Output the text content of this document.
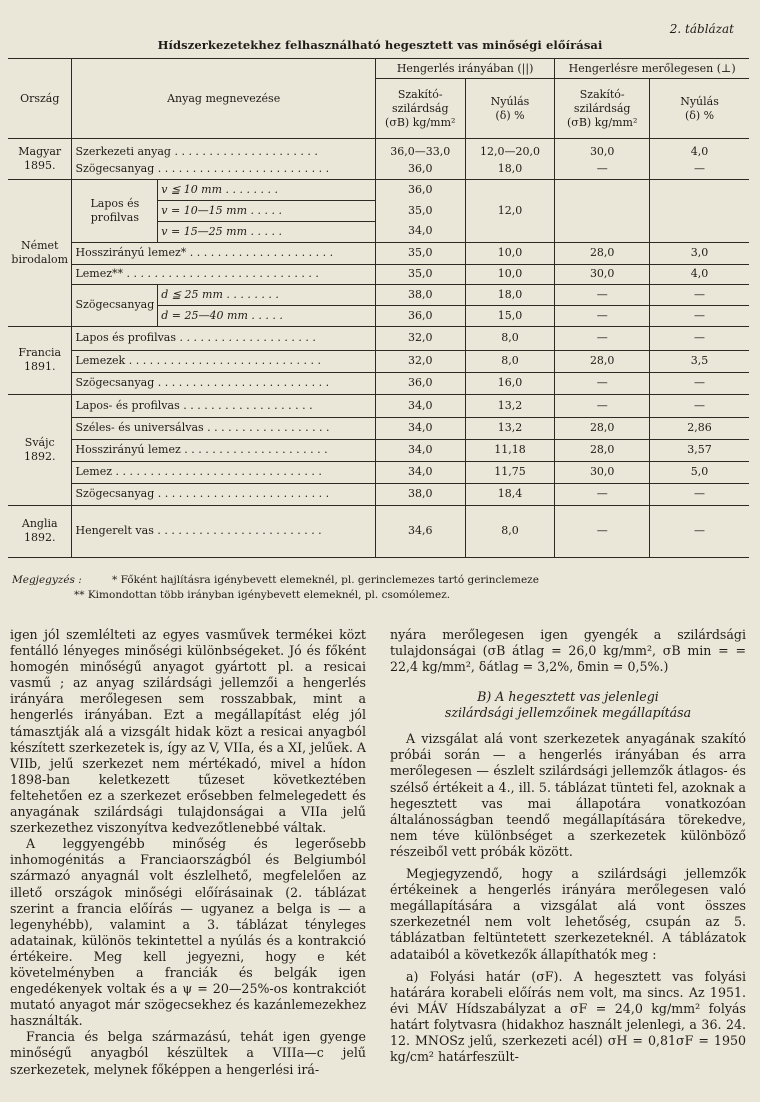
2. táblázat
Hídszerkezetekhez felhasználható hegesztett vas minőségi előírásai
Ország	Anyag megnevezése		Hengerlés irányában (||)		Hengerlésre merőlegesen (⊥)	
			Szakító-
szilárdság
(σB) kg/mm²	Nyúlás
(δ) %	Szakító-
szilárdság
(σB) kg/mm²	Nyúlás
(δ) %
Magyar 1895.	Szerkezeti anyag . . . . . . . . . . . . . . . . . . . . .		36,0—33,0	12,0—20,0	30,0	4,0
	Szögecsanyag . . . . . . . . . . . . . . . . . . . . . . . . .		36,0	18,0	—	—
Német birodalom	Lapos és profilvas	v ≦ 10 mm . . . . . . . .	36,0	12,0		
		v = 10—15 mm . . . . .	35,0			
		v = 15—25 mm . . . . .	34,0			
	Hosszirányú lemez* . . . . . . . . . . . . . . . . . . . . .		35,0	10,0	28,0	3,0
	Lemez** . . . . . . . . . . . . . . . . . . . . . . . . . . . .		35,0	10,0	30,0	4,0
	Szögecsanyag	d ≦ 25 mm . . . . . . . .	38,0	18,0	—	—
		d = 25—40 mm . . . . .	36,0	15,0	—	—
Francia 1891.	Lapos és profilvas . . . . . . . . . . . . . . . . . . . .		32,0	8,0	—	—
	Lemezek . . . . . . . . . . . . . . . . . . . . . . . . . . . .		32,0	8,0	28,0	3,5
	Szögecsanyag . . . . . . . . . . . . . . . . . . . . . . . . .		36,0	16,0	—	—
Svájc 1892.	Lapos- és profilvas . . . . . . . . . . . . . . . . . . .		34,0	13,2	—	—
	Széles- és universálvas . . . . . . . . . . . . . . . . . .		34,0	13,2	28,0	2,86
	Hosszirányú lemez . . . . . . . . . . . . . . . . . . . . .		34,0	11,18	28,0	3,57
	Lemez . . . . . . . . . . . . . . . . . . . . . . . . . . . . . .		34,0	11,75	30,0	5,0
	Szögecsanyag . . . . . . . . . . . . . . . . . . . . . . . . .		38,0	18,4	—	—
Anglia 1892.	Hengerelt vas . . . . . . . . . . . . . . . . . . . . . . . .		34,6	8,0	—	—
Megjegyzés :	* Főként hajlításra igénybevett elemeknél, pl. gerinclemezes tartó gerinclemeze
** Kimondottan több irányban igénybevett elemeknél, pl. csomólemez.

igen jól szemlélteti az egyes vasművek termékei közt fentálló lényeges minőségi különbségeket. Jó és főként homogén minőségű anyagot gyártott pl. a resicai vasmű ; az anyag szilárdsági jellemzői a hengerlés irányára merőlegesen sem rosszabbak, mint a hengerlés irányában. Ezt a megállapítást elég jól támasztják alá a vizsgált hidak közt a resicai anyagból készített szerkezetek is, így az V, VIIa, és a XI, jelűek. A VIIb, jelű szerkezet nem mértékadó, mivel a hídon 1898-ban keletkezett tűzeset következtében feltehetően ez a szerkezet erősebben felmelegedett és anyagának szilárdsági tulajdonságai a VIIa jelű szerkezethez viszonyítva kedvezőtlenebbé váltak.

A leggyengébb minőség és legerősebb inhomogénitás a Franciaországból és Belgiumból származó anyagnál volt észlelhető, megfelelően az illető országok minőségi előírásainak (2. táblázat szerint a francia előírás — ugyanez a belga is — a legenyhébb), valamint a 3. táblázat tényleges adatainak, különös tekintettel a nyúlás és a kontrakció értékeire. Meg kell jegyezni, hogy e két követelményben a franciák és belgák igen engedékenyek voltak és a ψ = 20—25%-os kontrakciót mutató anyagot már szögecsekhez és kazánlemezekhez használták.

Francia és belga származású, tehát igen gyenge minőségű anyagból készültek a VIIIa—c jelű szerkezetek, melynek főképpen a hengerlési irá-

nyára merőlegesen igen gyengék a szilárdsági tulajdonságai (σB átlag = 26,0 kg/mm², σB min = = 22,4 kg/mm², δátlag = 3,2%, δmin = 0,5%.)

B) A hegesztett vas jelenlegi
szilárdsági jellemzőinek megállapítása

A vizsgálat alá vont szerkezetek anyagának szakító próbái során — a hengerlés irányában és arra merőlegesen — észlelt szilárdsági jellemzők átlagos- és szélső értékeit a 4., ill. 5. táblázat tünteti fel, azoknak a hegesztett vas mai állapotára vonatkozóan általánosságban teendő megállapítására törekedve, nem téve különbséget a szerkezetek különböző részeiből vett próbák között.

Megjegyzendő, hogy a szilárdsági jellemzők értékeinek a hengerlés irányára merőlegesen való megállapítására a vizsgálat alá vont összes szerkezetnél nem volt lehetőség, csupán az 5. táblázatban feltüntetett szerkezeteknél. A táblázatok adataiból a következők állapíthatók meg :

a) Folyási határ (σF). A hegesztett vas folyási határára korabeli előírás nem volt, ma sincs. Az 1951. évi MÁV Hídszabályzat a σF = 24,0 kg/mm² folyás határt folytvasra (hidakhoz használt jelenlegi, a 36. 24. 12. MNOSz jelű, szerkezeti acél) σH = 0,81σF = 1950 kg/cm² határfeszült-
